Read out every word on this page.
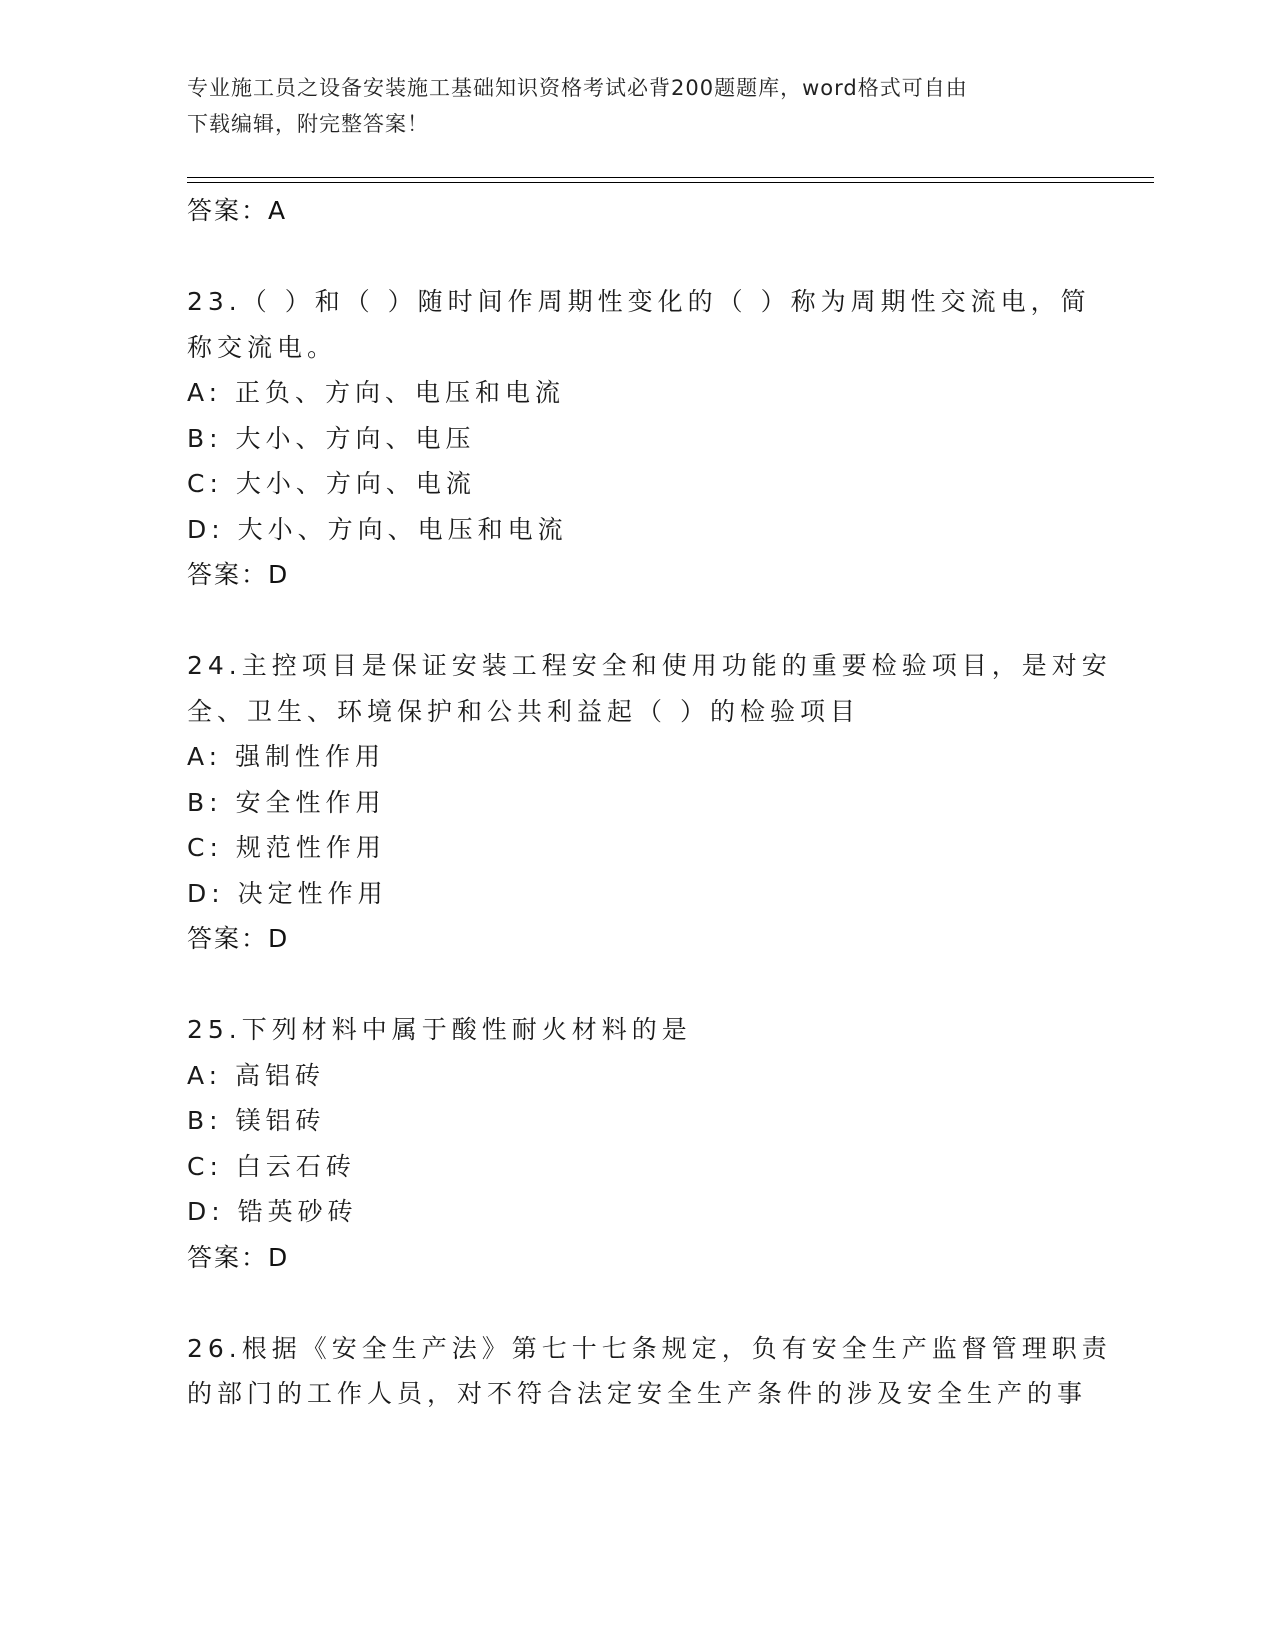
专业施工员之设备安装施工基础知识资格考试必背200题题库，word格式可自由
下载编辑，附完整答案！
答案：A
23.（ ）和（ ）随时间作周期性变化的（ ）称为周期性交流电，简
称交流电。
A: 正负、方向、电压和电流
B: 大小、方向、电压
C: 大小、方向、电流
D: 大小、方向、电压和电流
答案：D
24.主控项目是保证安装工程安全和使用功能的重要检验项目，是对安
全、卫生、环境保护和公共利益起（ ）的检验项目
A: 强制性作用
B: 安全性作用
C: 规范性作用
D: 决定性作用
答案：D
25.下列材料中属于酸性耐火材料的是
A: 高铝砖
B: 镁铝砖
C: 白云石砖
D: 锆英砂砖
答案：D
26.根据《安全生产法》第七十七条规定，负有安全生产监督管理职责
的部门的工作人员，对不符合法定安全生产条件的涉及安全生产的事
